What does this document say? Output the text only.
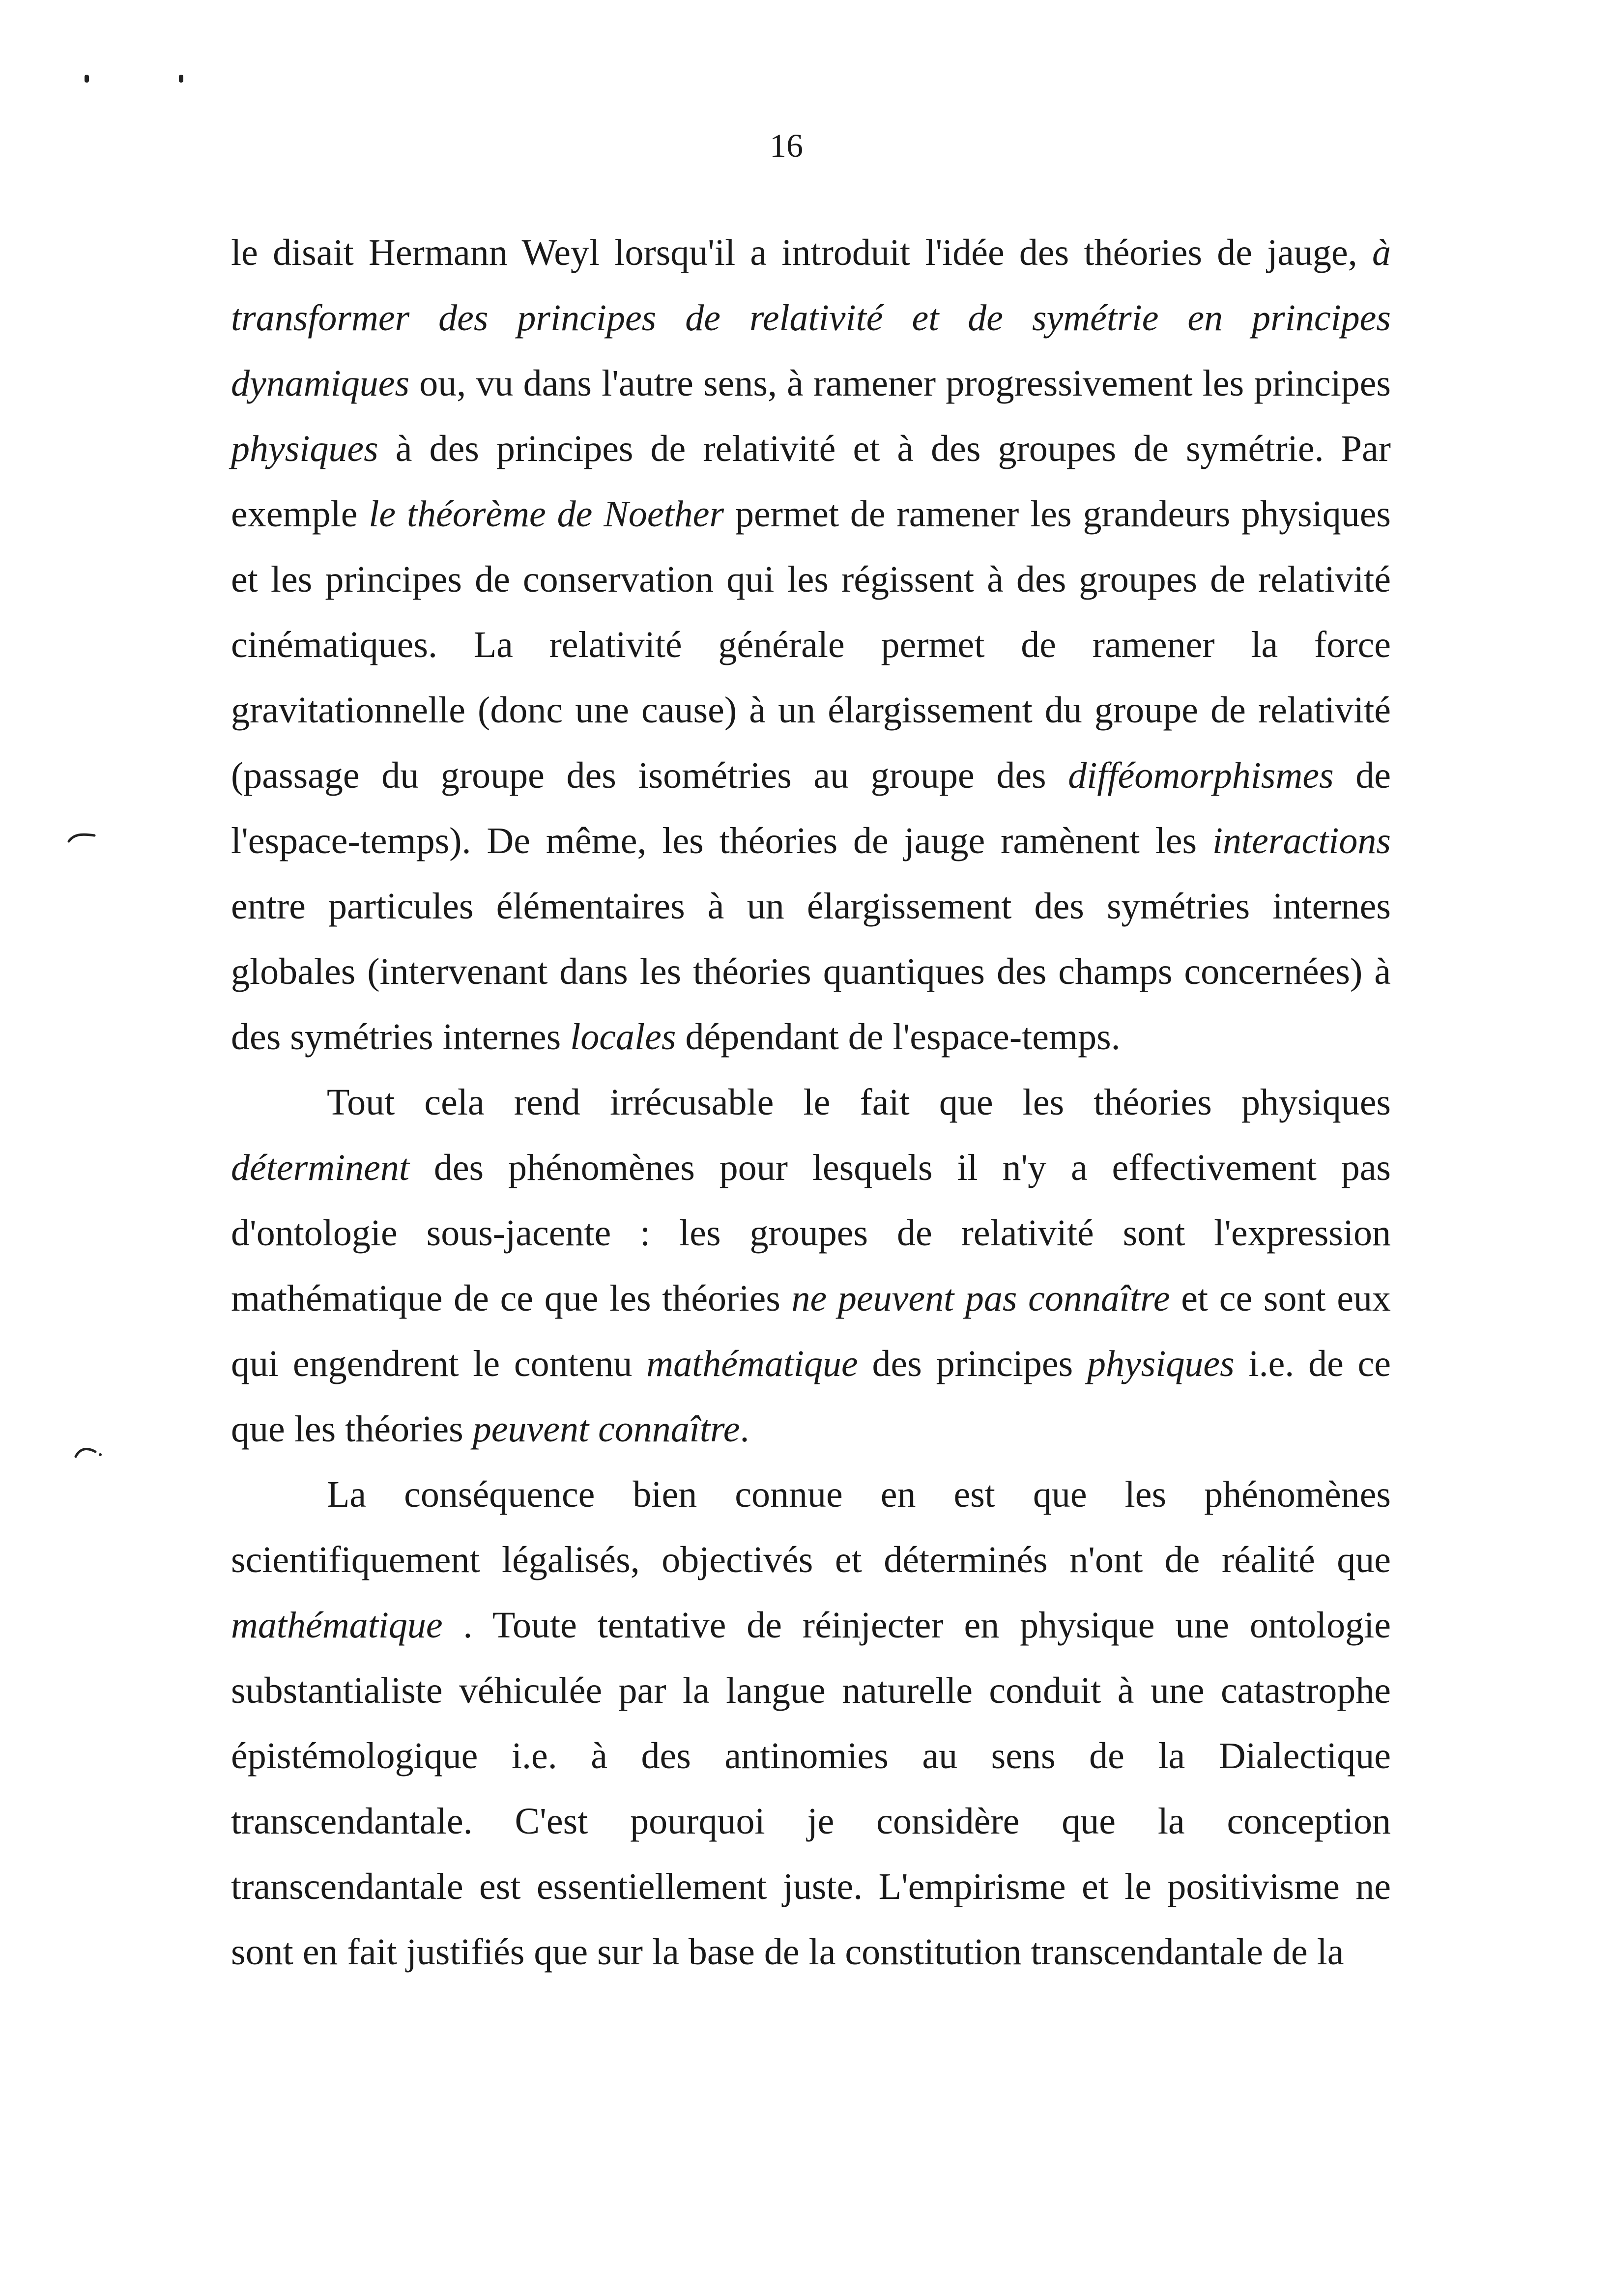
16

le disait Hermann Weyl lorsqu'il a introduit l'idée des théories de jauge, à transformer des principes de relativité et de symétrie en principes dynamiques ou, vu dans l'autre sens, à ramener progressivement les principes physiques à des principes de relativité et à des groupes de symétrie. Par exemple le théorème de Noether permet de ramener les grandeurs physiques et les principes de conservation qui les régissent à des groupes de relativité cinématiques. La relativité générale permet de ramener la force gravitationnelle (donc une cause) à un élargissement du groupe de relativité (passage du groupe des isométries au groupe des difféomorphismes de l'espace-temps). De même, les théories de jauge ramènent les interactions entre particules élémentaires à un élargissement des symétries internes globales (intervenant dans les théories quantiques des champs concernées) à des symétries internes locales dépendant de l'espace-temps.

Tout cela rend irrécusable le fait que les théories physiques déterminent des phénomènes pour lesquels il n'y a effectivement pas d'ontologie sous-jacente : les groupes de relativité sont l'expression mathématique de ce que les théories ne peuvent pas connaître et ce sont eux qui engendrent le contenu mathématique des principes physiques i.e. de ce que les théories peuvent connaître.

La conséquence bien connue en est que les phénomènes scientifiquement légalisés, objectivés et déterminés n'ont de réalité que mathématique . Toute tentative de réinjecter en physique une ontologie substantialiste véhiculée par la langue naturelle conduit à une catastrophe épistémologique i.e. à des antinomies au sens de la Dialectique transcendantale. C'est pourquoi je considère que la conception transcendantale est essentiellement juste. L'empirisme et le positivisme ne sont en fait justifiés que sur la base de la constitution transcendantale de la
